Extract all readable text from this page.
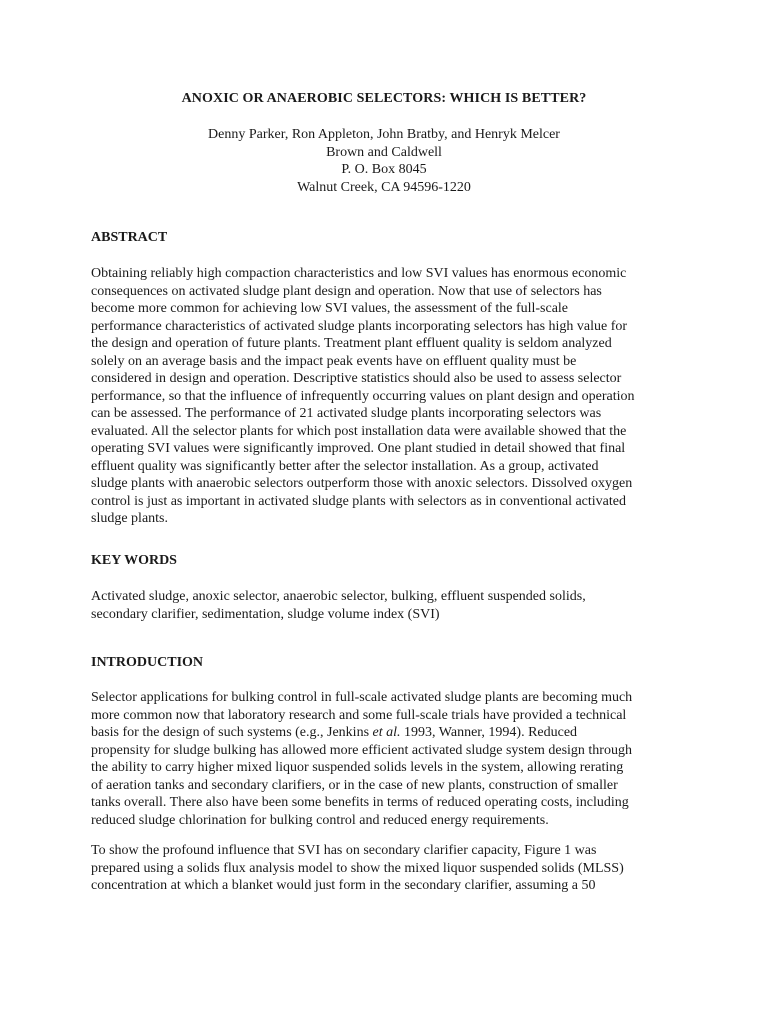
ANOXIC OR ANAEROBIC SELECTORS: WHICH IS BETTER?
Denny Parker, Ron Appleton, John Bratby, and Henryk Melcer
Brown and Caldwell
P. O. Box 8045
Walnut Creek, CA 94596-1220
ABSTRACT
Obtaining reliably high compaction characteristics and low SVI values has enormous economic
consequences on activated sludge plant design and operation. Now that use of selectors has
become more common for achieving low SVI values, the assessment of the full-scale
performance characteristics of activated sludge plants incorporating selectors has high value for
the design and operation of future plants. Treatment plant effluent quality is seldom analyzed
solely on an average basis and the impact peak events have on effluent quality must be
considered in design and operation. Descriptive statistics should also be used to assess selector
performance, so that the influence of infrequently occurring values on plant design and operation
can be assessed. The performance of 21 activated sludge plants incorporating selectors was
evaluated. All the selector plants for which post installation data were available showed that the
operating SVI values were significantly improved. One plant studied in detail showed that final
effluent quality was significantly better after the selector installation. As a group, activated
sludge plants with anaerobic selectors outperform those with anoxic selectors. Dissolved oxygen
control is just as important in activated sludge plants with selectors as in conventional activated
sludge plants.
KEY WORDS
Activated sludge, anoxic selector, anaerobic selector, bulking, effluent suspended solids,
secondary clarifier, sedimentation, sludge volume index (SVI)
INTRODUCTION
Selector applications for bulking control in full-scale activated sludge plants are becoming much
more common now that laboratory research and some full-scale trials have provided a technical
basis for the design of such systems (e.g., Jenkins et al. 1993, Wanner, 1994). Reduced
propensity for sludge bulking has allowed more efficient activated sludge system design through
the ability to carry higher mixed liquor suspended solids levels in the system, allowing rerating
of aeration tanks and secondary clarifiers, or in the case of new plants, construction of smaller
tanks overall. There also have been some benefits in terms of reduced operating costs, including
reduced sludge chlorination for bulking control and reduced energy requirements.
To show the profound influence that SVI has on secondary clarifier capacity, Figure 1 was
prepared using a solids flux analysis model to show the mixed liquor suspended solids (MLSS)
concentration at which a blanket would just form in the secondary clarifier, assuming a 50
